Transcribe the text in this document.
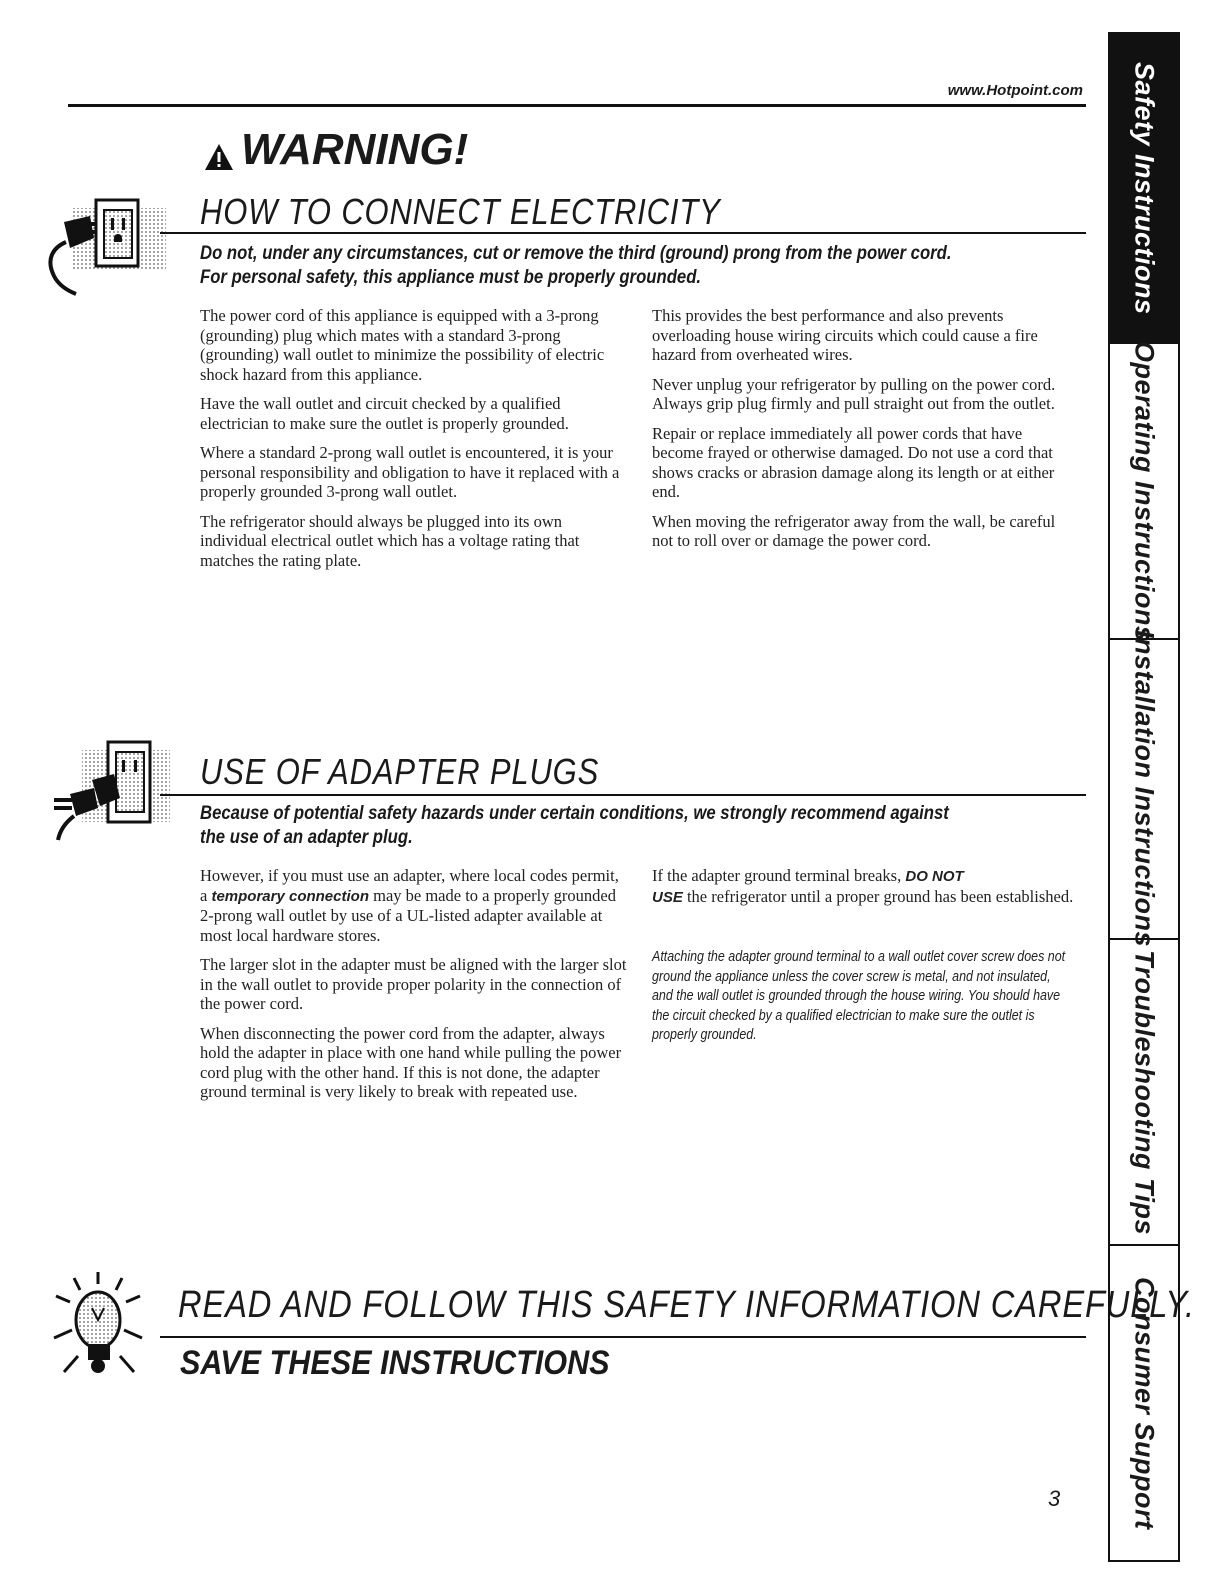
www.Hotpoint.com
WARNING!
HOW TO CONNECT ELECTRICITY
Do not, under any circumstances, cut or remove the third (ground) prong from the power cord.
For personal safety, this appliance must be properly grounded.

The power cord of this appliance is equipped with a 3-prong (grounding) plug which mates with a standard 3-prong (grounding) wall outlet to minimize the possibility of electric shock hazard from this appliance.

Have the wall outlet and circuit checked by a qualified electrician to make sure the outlet is properly grounded.

Where a standard 2-prong wall outlet is encountered, it is your personal responsibility and obligation to have it replaced with a properly grounded 3-prong wall outlet.

The refrigerator should always be plugged into its own individual electrical outlet which has a voltage rating that matches the rating plate.

This provides the best performance and also prevents overloading house wiring circuits which could cause a fire hazard from overheated wires.

Never unplug your refrigerator by pulling on the power cord. Always grip plug firmly and pull straight out from the outlet.

Repair or replace immediately all power cords that have become frayed or otherwise damaged. Do not use a cord that shows cracks or abrasion damage along its length or at either end.

When moving the refrigerator away from the wall, be careful not to roll over or damage the power cord.

USE OF ADAPTER PLUGS
Because of potential safety hazards under certain conditions, we strongly recommend against
the use of an adapter plug.

However, if you must use an adapter, where local codes permit, a temporary connection may be made to a properly grounded 2-prong wall outlet by use of a UL-listed adapter available at most local hardware stores.

The larger slot in the adapter must be aligned with the larger slot in the wall outlet to provide proper polarity in the connection of the power cord.

When disconnecting the power cord from the adapter, always hold the adapter in place with one hand while pulling the power cord plug with the other hand. If this is not done, the adapter ground terminal is very likely to break with repeated use.

If the adapter ground terminal breaks, DO NOT
USE the refrigerator until a proper ground has been established.

Attaching the adapter ground terminal to a wall outlet cover screw does not ground the appliance unless the cover screw is metal, and not insulated, and the wall outlet is grounded through the house wiring. You should have the circuit checked by a qualified electrician to make sure the outlet is properly grounded.

READ AND FOLLOW THIS SAFETY INFORMATION CAREFULLY.
SAVE THESE INSTRUCTIONS
3
Safety Instructions
Operating Instructions
Installation Instructions
Troubleshooting Tips
Consumer Support
